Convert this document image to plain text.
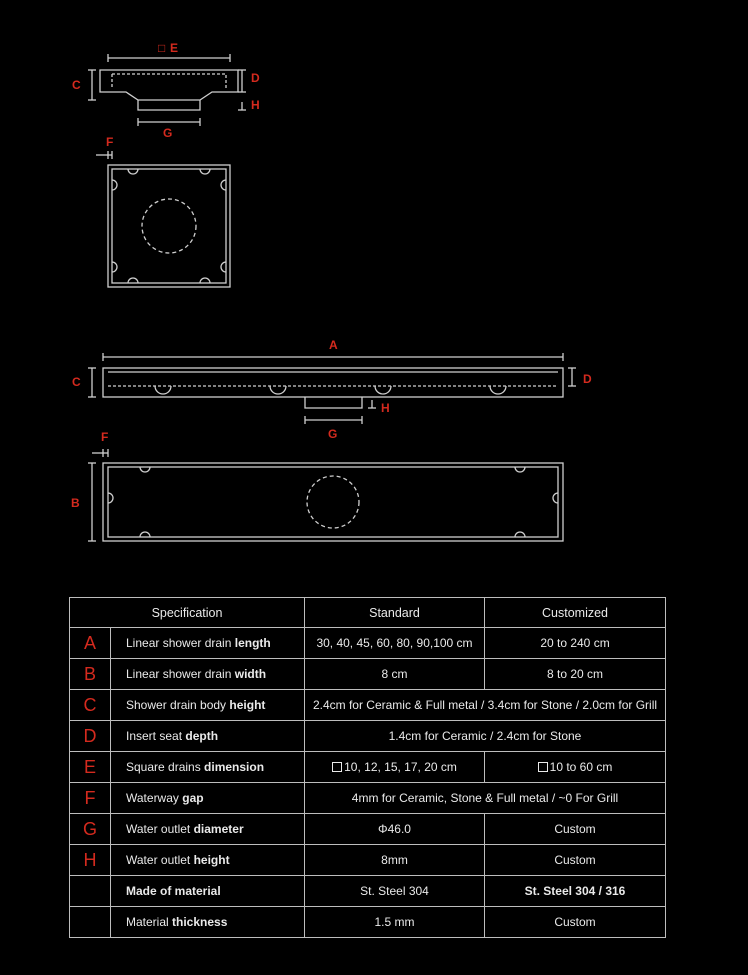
□ E
C	D
H
G
F
A
C	D
H
G
F
B
Specification		Standard	Customized
A	Linear shower drain length	30, 40, 45, 60, 80, 90,100 cm	20 to 240 cm
B	Linear shower drain width	8 cm	8 to 20 cm
C	Shower drain body height	2.4cm for Ceramic & Full metal / 3.4cm for Stone / 2.0cm for Grill	
D	Insert seat depth	1.4cm for Ceramic / 2.4cm for Stone	
E	Square drains dimension	10, 12, 15, 17, 20 cm	10 to 60 cm
F	Waterway gap	4mm for Ceramic, Stone & Full metal / ~0 For Grill	
G	Water outlet diameter	Φ46.0	Custom
H	Water outlet height	8mm	Custom
	Made of material	St. Steel 304	St. Steel 304 / 316
	Material thickness	1.5 mm	Custom
